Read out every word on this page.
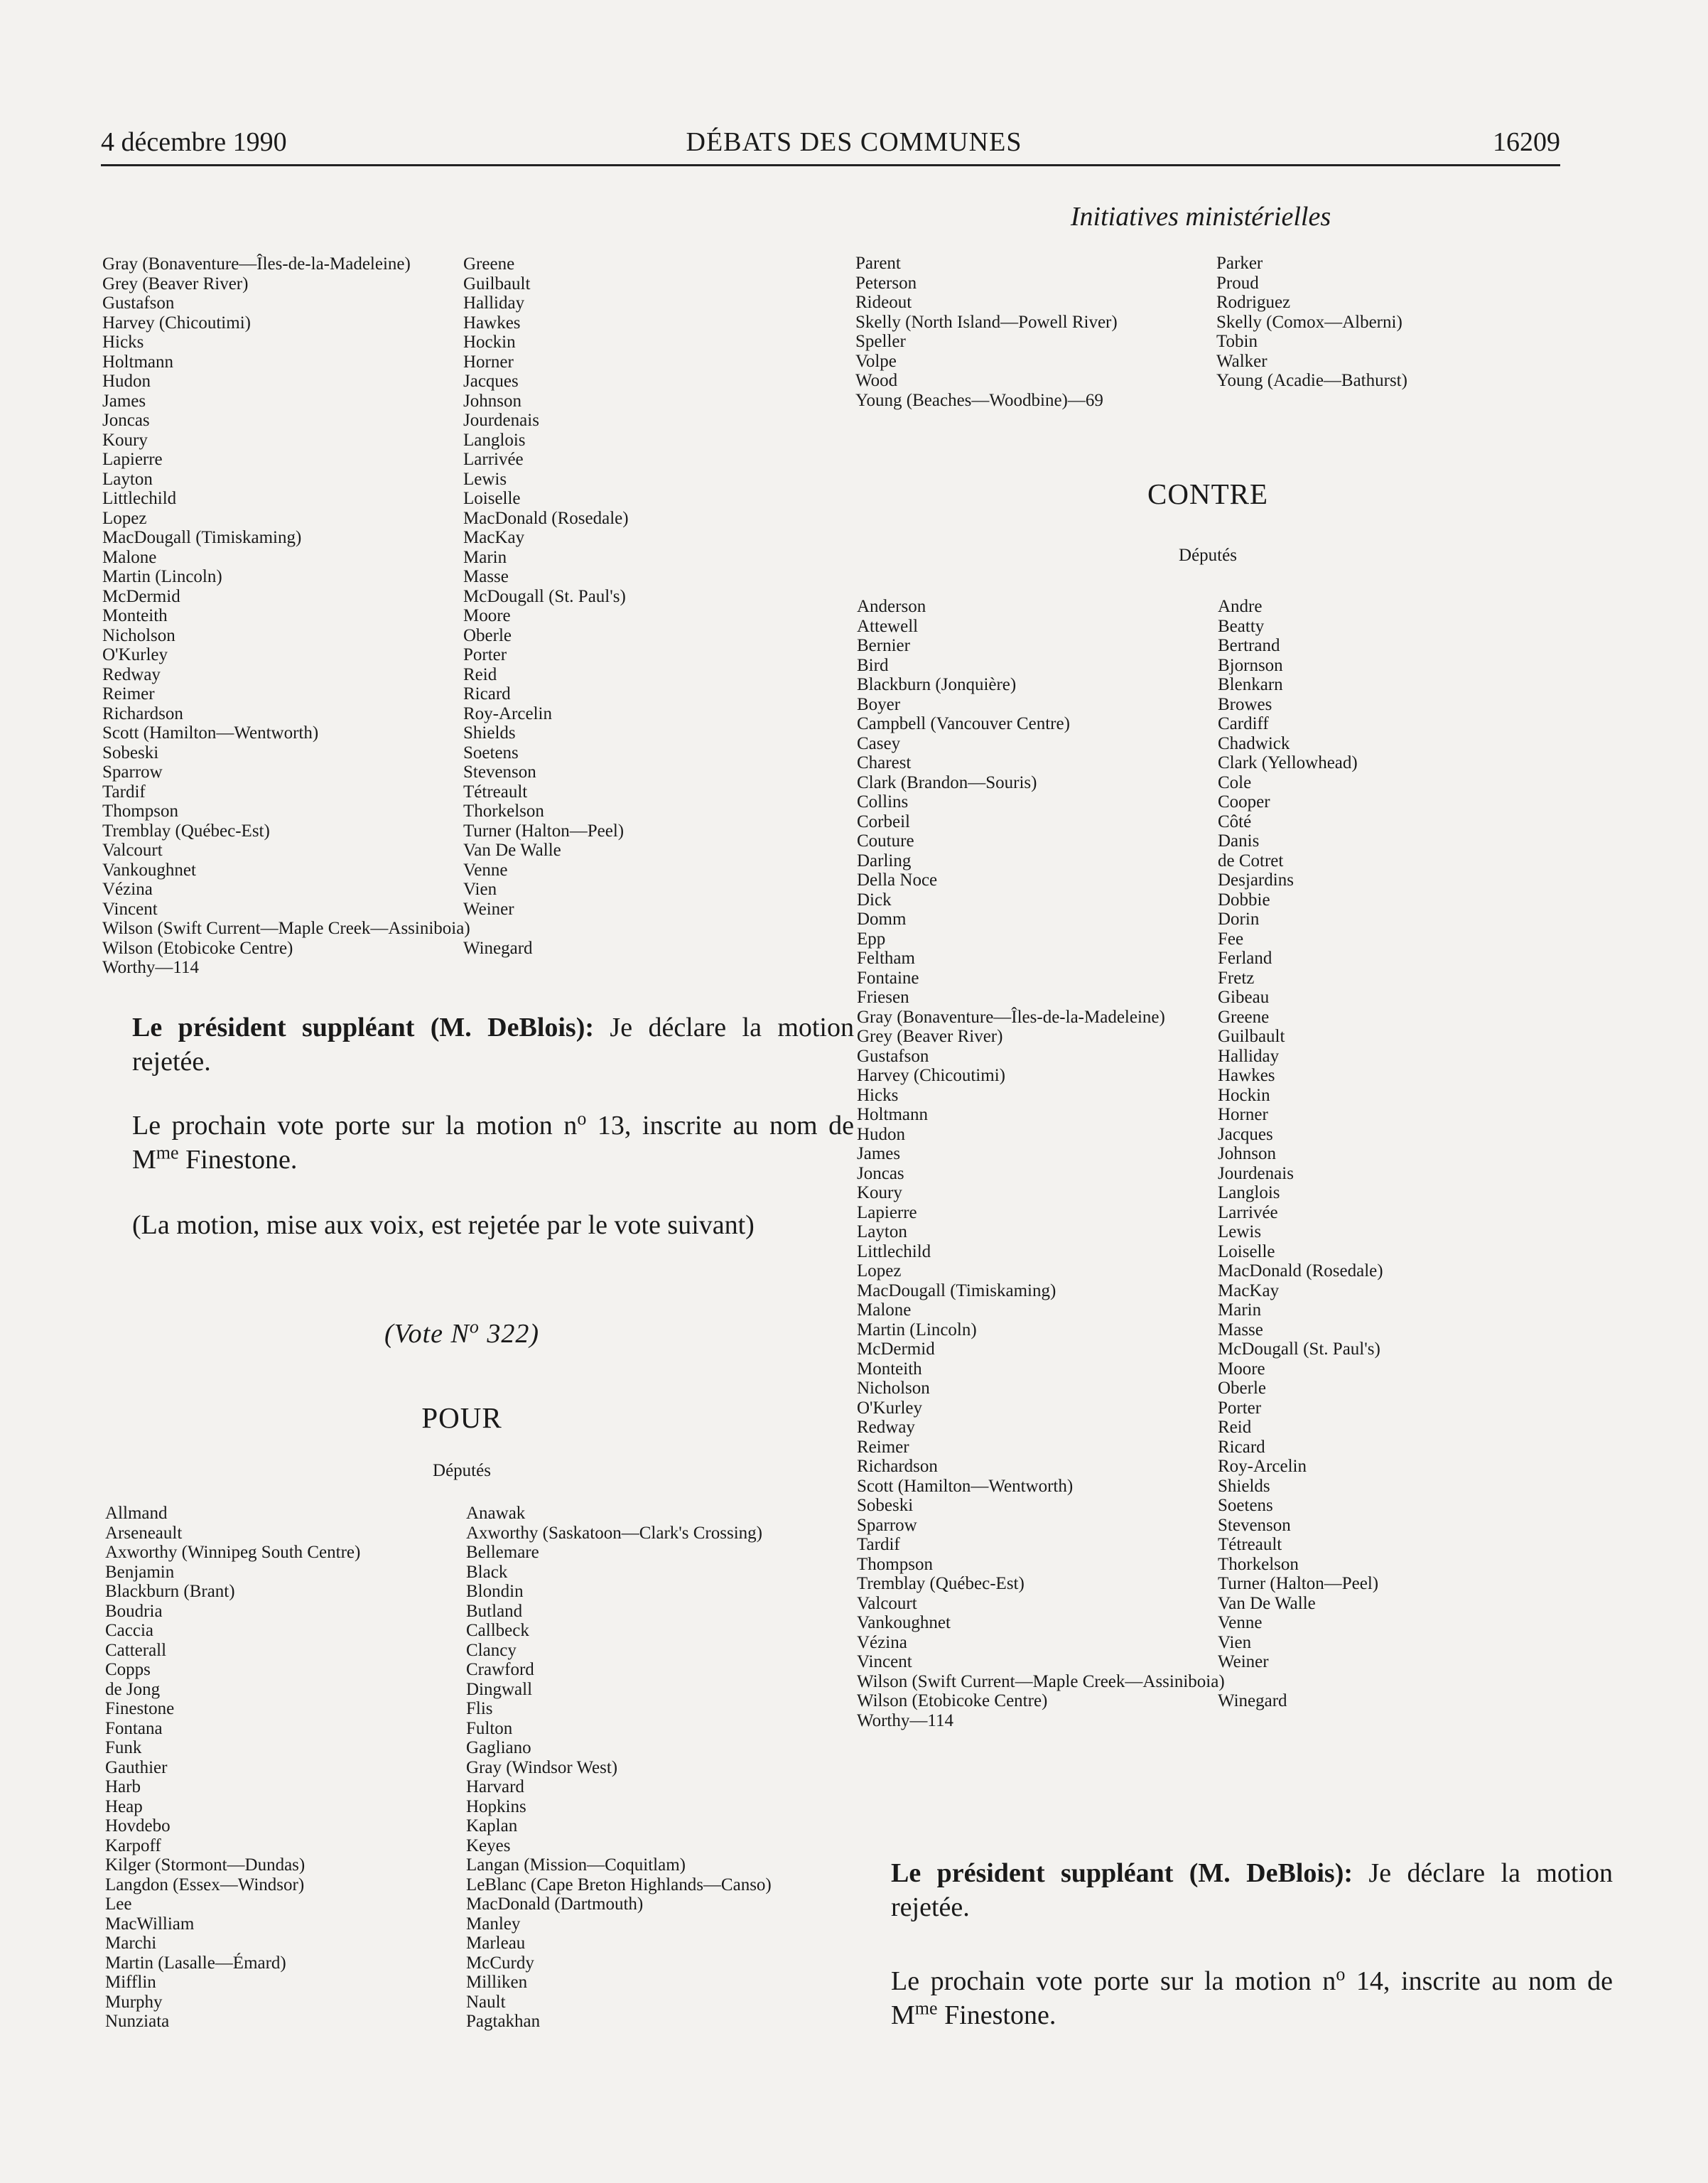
4 décembre 1990	DÉBATS DES COMMUNES	16209
Initiatives ministérielles
Gray (Bonaventure—Îles-de-la-Madeleine)	Greene
Grey (Beaver River)	Guilbault
Gustafson	Halliday
Harvey (Chicoutimi)	Hawkes
Hicks	Hockin
Holtmann	Horner
Hudon	Jacques
James	Johnson
Joncas	Jourdenais
Koury	Langlois
Lapierre	Larrivée
Layton	Lewis
Littlechild	Loiselle
Lopez	MacDonald (Rosedale)
MacDougall (Timiskaming)	MacKay
Malone	Marin
Martin (Lincoln)	Masse
McDermid	McDougall (St. Paul's)
Monteith	Moore
Nicholson	Oberle
O'Kurley	Porter
Redway	Reid
Reimer	Ricard
Richardson	Roy-Arcelin
Scott (Hamilton—Wentworth)	Shields
Sobeski	Soetens
Sparrow	Stevenson
Tardif	Tétreault
Thompson	Thorkelson
Tremblay (Québec-Est)	Turner (Halton—Peel)
Valcourt	Van De Walle
Vankoughnet	Venne
Vézina	Vien
Vincent	Weiner
Wilson (Swift Current—Maple Creek—Assiniboia)
Wilson (Etobicoke Centre)	Winegard
Worthy—114
Le président suppléant (M. DeBlois): Je déclare la motion rejetée.
Le prochain vote porte sur la motion $n^o$ 13, inscrite au nom de $M^{me}$ Finestone.
(La motion, mise aux voix, est rejetée par le vote suivant)
(Vote $N^o$ 322)
POUR
Députés
Allmand	Anawak
Arseneault	Axworthy (Saskatoon—Clark's Crossing)
Axworthy (Winnipeg South Centre)	Bellemare
Benjamin	Black
Blackburn (Brant)	Blondin
Boudria	Butland
Caccia	Callbeck
Catterall	Clancy
Copps	Crawford
de Jong	Dingwall
Finestone	Flis
Fontana	Fulton
Funk	Gagliano
Gauthier	Gray (Windsor West)
Harb	Harvard
Heap	Hopkins
Hovdebo	Kaplan
Karpoff	Keyes
Kilger (Stormont—Dundas)	Langan (Mission—Coquitlam)
Langdon (Essex—Windsor)	LeBlanc (Cape Breton Highlands—Canso)
Lee	MacDonald (Dartmouth)
MacWilliam	Manley
Marchi	Marleau
Martin (Lasalle—Émard)	McCurdy
Mifflin	Milliken
Murphy	Nault
Nunziata	Pagtakhan
Parent	Parker
Peterson	Proud
Rideout	Rodriguez
Skelly (North Island—Powell River)	Skelly (Comox—Alberni)
Speller	Tobin
Volpe	Walker
Wood	Young (Acadie—Bathurst)
Young (Beaches—Woodbine)—69
CONTRE
Députés
Anderson	Andre
Attewell	Beatty
Bernier	Bertrand
Bird	Bjornson
Blackburn (Jonquière)	Blenkarn
Boyer	Browes
Campbell (Vancouver Centre)	Cardiff
Casey	Chadwick
Charest	Clark (Yellowhead)
Clark (Brandon—Souris)	Cole
Collins	Cooper
Corbeil	Côté
Couture	Danis
Darling	de Cotret
Della Noce	Desjardins
Dick	Dobbie
Domm	Dorin
Epp	Fee
Feltham	Ferland
Fontaine	Fretz
Friesen	Gibeau
Gray (Bonaventure—Îles-de-la-Madeleine)	Greene
Grey (Beaver River)	Guilbault
Gustafson	Halliday
Harvey (Chicoutimi)	Hawkes
Hicks	Hockin
Holtmann	Horner
Hudon	Jacques
James	Johnson
Joncas	Jourdenais
Koury	Langlois
Lapierre	Larrivée
Layton	Lewis
Littlechild	Loiselle
Lopez	MacDonald (Rosedale)
MacDougall (Timiskaming)	MacKay
Malone	Marin
Martin (Lincoln)	Masse
McDermid	McDougall (St. Paul's)
Monteith	Moore
Nicholson	Oberle
O'Kurley	Porter
Redway	Reid
Reimer	Ricard
Richardson	Roy-Arcelin
Scott (Hamilton—Wentworth)	Shields
Sobeski	Soetens
Sparrow	Stevenson
Tardif	Tétreault
Thompson	Thorkelson
Tremblay (Québec-Est)	Turner (Halton—Peel)
Valcourt	Van De Walle
Vankoughnet	Venne
Vézina	Vien
Vincent	Weiner
Wilson (Swift Current—Maple Creek—Assiniboia)
Wilson (Etobicoke Centre)	Winegard
Worthy—114
Le président suppléant (M. DeBlois): Je déclare la motion rejetée.
Le prochain vote porte sur la motion $n^o$ 14, inscrite au nom de $M^{me}$ Finestone.
